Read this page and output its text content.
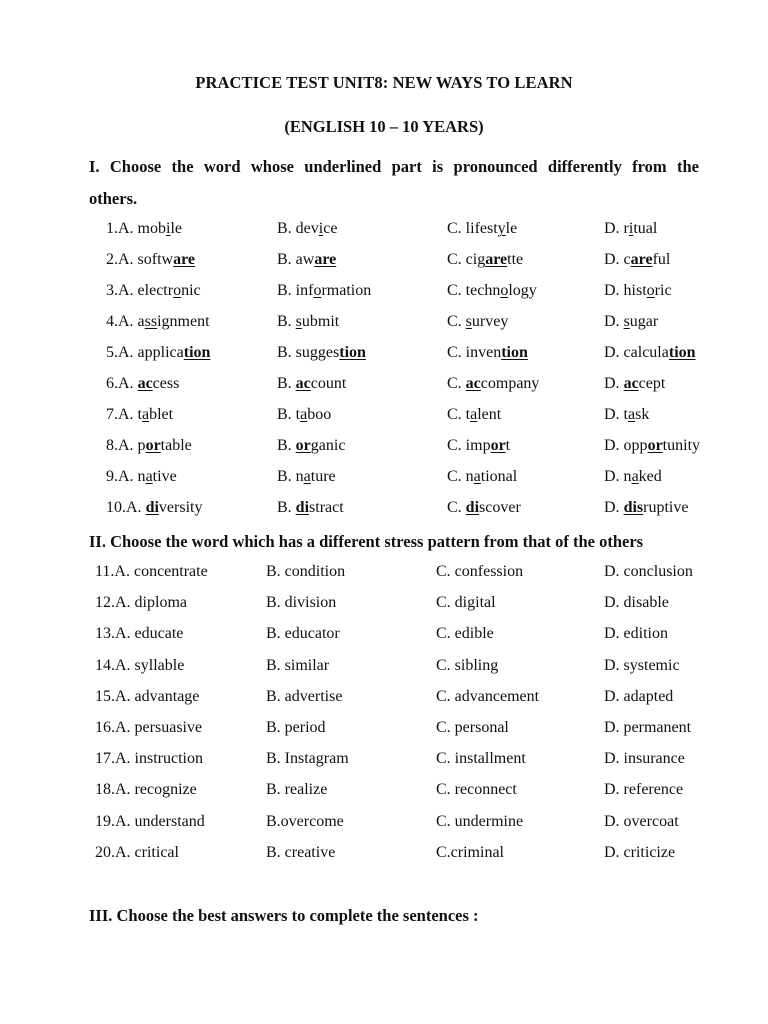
PRACTICE TEST UNIT8: NEW WAYS TO LEARN
(ENGLISH 10 – 10 YEARS)
I. Choose the word whose underlined part is pronounced differently from the
others.
1.A. mobile	B. device	C. lifestyle	D. ritual
2.A. software	B. aware	C. cigarette	D. careful
3.A. electronic	B. information	C. technology	D. historic
4.A. assignment	B. submit	C. survey	D. sugar
5.A. application	B. suggestion	C. invention	D. calculation
6.A. access	B. account	C. accompany	D. accept
7.A. tablet	B. taboo	C. talent	D. task
8.A. portable	B. organic	C. import	D. opportunity
9.A. native	B. nature	C. national	D. naked
10.A. diversity	B. distract	C. discover	D. disruptive
II. Choose the word which has a different stress pattern from that of the others
11.A. concentrate	B. condition	C. confession	D. conclusion
12.A. diploma	B. division	C. digital	D. disable
13.A. educate	B. educator	C. edible	D. edition
14.A. syllable	B. similar	C. sibling	D. systemic
15.A. advantage	B. advertise	C. advancement	D. adapted
16.A. persuasive	B. period	C. personal	D. permanent
17.A. instruction	B. Instagram	C. installment	D. insurance
18.A. recognize	B. realize	C. reconnect	D. reference
19.A. understand	B.overcome	C. undermine	D. overcoat
20.A. critical	B. creative	C.criminal	D. criticize
III. Choose the best answers to complete the sentences :
